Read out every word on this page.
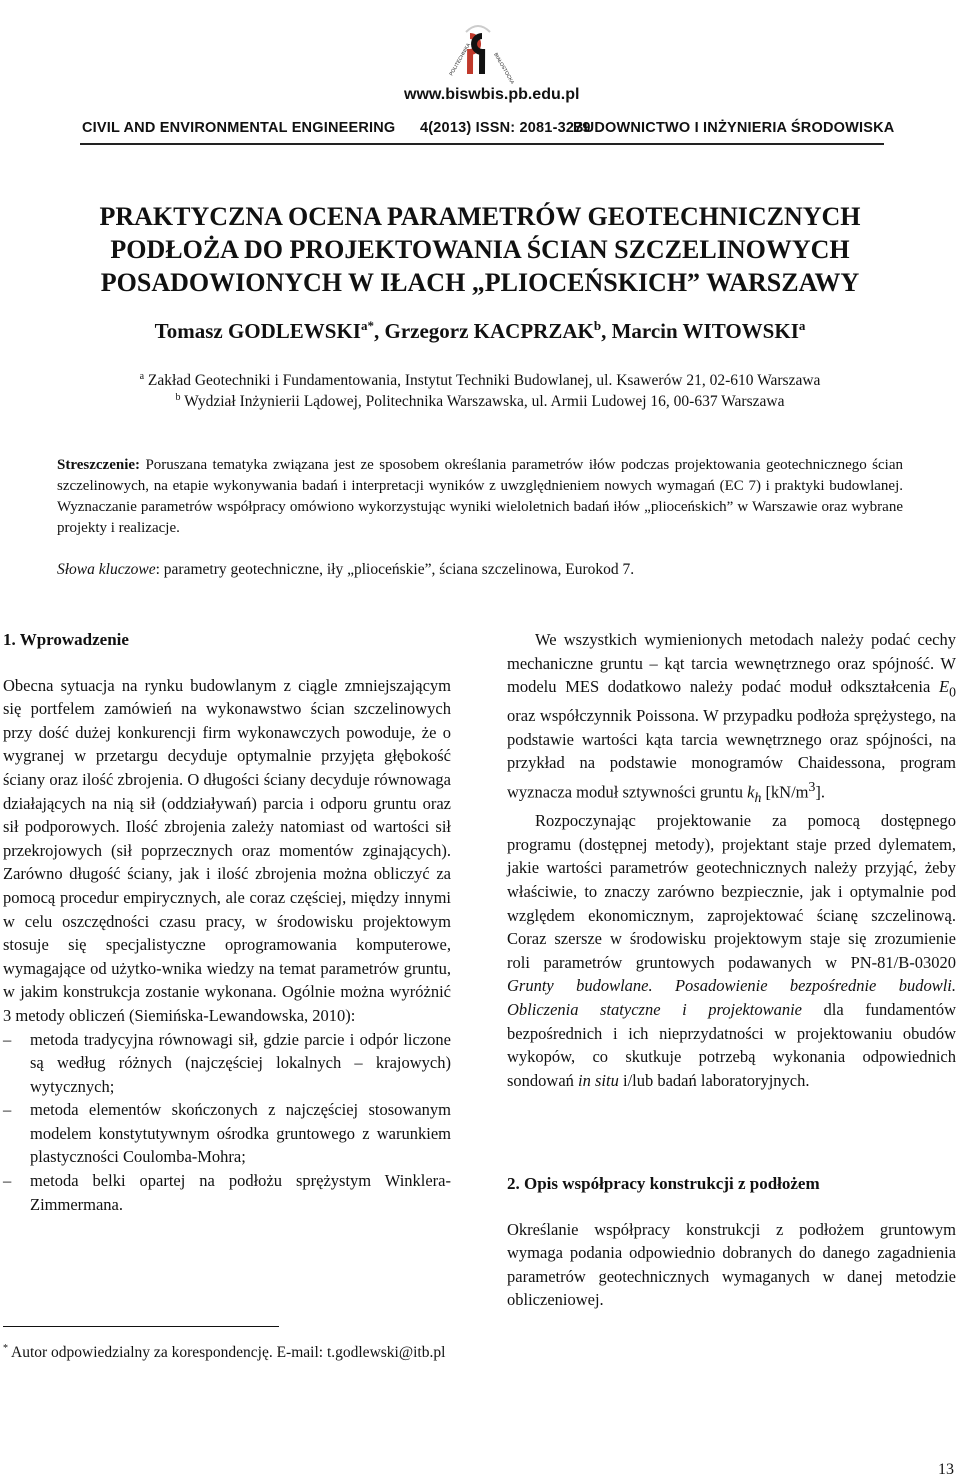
POLITECHNIKA	BIAŁOSTOCKA
www.biswbis.pb.edu.pl
CIVIL AND ENVIRONMENTAL ENGINEERING 4(2013) ISSN: 2081-3279
BUDOWNICTWO I INŻYNIERIA ŚRODOWISKA
PRAKTYCZNA OCENA PARAMETRÓW GEOTECHNICZNYCH
PODŁOŻA DO PROJEKTOWANIA ŚCIAN SZCZELINOWYCH
POSADOWIONYCH W IŁACH „PLIOCEŃSKICH” WARSZAWY
Tomasz $GODLEWSKI^{a*}$, Grzegorz KACPRZAK$^b$, Marcin WITOWSKI$^a$
$^a$ Zakład Geotechniki i Fundamentowania, Instytut Techniki Budowlanej, ul. Ksawerów 21, 02-610 Warszawa
$^b$ Wydział Inżynierii Lądowej, Politechnika Warszawska, ul. Armii Ludowej 16, 00-637 Warszawa
Streszczenie: Poruszana tematyka związana jest ze sposobem określania parametrów iłów podczas projektowania geotechnicznego ścian szczelinowych, na etapie wykonywania badań i interpretacji wyników z uwzględnieniem nowych wymagań (EC 7) i praktyki budowlanej. Wyznaczanie parametrów współpracy omówiono wykorzystując wyniki wieloletnich badań iłów „plioceńskich” w Warszawie oraz wybrane projekty i realizacje.
Słowa kluczowe: parametry geotechniczne, iły „plioceńskie”, ściana szczelinowa, Eurokod 7.
1. Wprowadzenie
Obecna sytuacja na rynku budowlanym z ciągle zmniejszającym się portfelem zamówień na wykonawstwo ścian szczelinowych przy dość dużej konkurencji firm wykonawczych powoduje, że o wygranej w przetargu decyduje optymalnie przyjęta głębokość ściany oraz ilość zbrojenia. O długości ściany decyduje równowaga działających na nią sił (oddziaływań) parcia i odporu gruntu oraz sił podporowych. Ilość zbrojenia zależy natomiast od wartości sił przekrojowych (sił poprzecznych oraz momentów zginających). Zarówno długość ściany, jak i ilość zbrojenia można obliczyć za pomocą procedur empirycznych, ale coraz częściej, między innymi w celu oszczędności czasu pracy, w środowisku projektowym stosuje się specjalistyczne oprogramowania komputerowe, wymagające od użytko-wnika wiedzy na temat parametrów gruntu, w jakim konstrukcja zostanie wykonana. Ogólnie można wyróżnić 3 metody obliczeń (Siemińska-Lewandowska, 2010):
–	metoda tradycyjna równowagi sił, gdzie parcie i odpór liczone są według różnych (najczęściej lokalnych – krajowych) wytycznych;
–	metoda elementów skończonych z najczęściej stosowanym modelem konstytutywnym ośrodka gruntowego z warunkiem plastyczności Coulomba-Mohra;
–	metoda belki opartej na podłożu sprężystym Winklera-Zimmermana.
We wszystkich wymienionych metodach należy podać cechy mechaniczne gruntu – kąt tarcia wewnętrznego oraz spójność. W modelu MES dodatkowo należy podać moduł odkształcenia $E_0$ oraz współczynnik Poissona. W przypadku podłoża sprężystego, na podstawie wartości kąta tarcia wewnętrznego oraz spójności, na przykład na podstawie monogramów Chaidessona, program wyznacza moduł sztywności gruntu $k_h$ $[kN/m^3]$.
Rozpoczynając projektowanie za pomocą dostępnego programu (dostępnej metody), projektant staje przed dylematem, jakie wartości parametrów geotechnicznych należy przyjąć, żeby właściwie, to znaczy zarówno bezpiecznie, jak i optymalnie pod względem ekonomicznym, zaprojektować ścianę szczelinową. Coraz szersze w środowisku projektowym staje się zrozumienie roli parametrów gruntowych podawanych w PN-81/B-03020 Grunty budowlane. Posadowienie bezpośrednie budowli. Obliczenia statyczne i projektowanie dla fundamentów bezpośrednich i ich nieprzydatności w projektowaniu obudów wykopów, co skutkuje potrzebą wykonania odpowiednich sondowań in situ i/lub badań laboratoryjnych.
2. Opis współpracy konstrukcji z podłożem
Określanie współpracy konstrukcji z podłożem gruntowym wymaga podania odpowiednio dobranych do danego zagadnienia parametrów geotechnicznych wymaganych w danej metodzie obliczeniowej.
* Autor odpowiedzialny za korespondencję. E-mail: t.godlewski@itb.pl
13
